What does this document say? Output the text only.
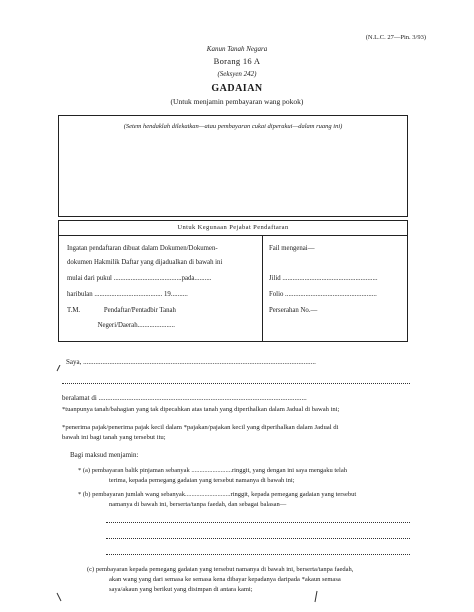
(N.L.C. 27—Pin. 3/93)
Kanun Tanah Negara
Borang 16 A
(Seksyen 242)
GADAIAN
(Untuk menjamin pembayaran wang pokok)
(Setem hendaklah dilekatkan—atau pembayaran cukai diperakui—dalam ruang ini)
Untuk Kegunaan Pejabat Pendaftaran
Ingatan pendaftaran dibuat dalam Dokumen/Dokumen-
dokumen Hakmilik Daftar yang dijadualkan di bawah ini
mulai dari pukul ........................................pada..........
haribulan ........................................ 19..........
T.M.              Pendaftar/Pentadbir Tanah
Negeri/Daerah......................
Fail mengenai—
Jilid ........................................................
Folio ......................................................
Perserahan No.—
Saya, .....................................................................................................................................
beralamat di .......................................................................................................................
*tuanpunya tanah/bahagian yang tak dipecahkan atas tanah yang diperihalkan dalam Jadual di bawah ini;
*penerima pajak/penerima pajak kecil dalam *pajakan/pajakan kecil yang diperihalkan dalam Jadual di
bawah ini bagi tanah yang tersebut itu;
Bagi maksud menjamin:
* (a) pembayaran balik pinjaman sebanyak .........................ringgit, yang dengan ini saya mengaku telah
terima, kepada pemegang gadaian yang tersebut namanya di bawah ini;
* (b) pembayaran jumlah wang sebanyak............................ringgit, kepada pemegang gadaian yang tersebut
namanya di bawah ini, berserta/tanpa faedah, dan sebagai balasan—
(c) pembayaran kepada pemegang gadaian yang tersebut namanya di bawah ini, berserta/tanpa faedah,
akan wang yang dari semasa ke semasa kena dibayar kepadanya daripada *akaun semasa
saya/akaun yang berikut yang disimpan di antara kami;
